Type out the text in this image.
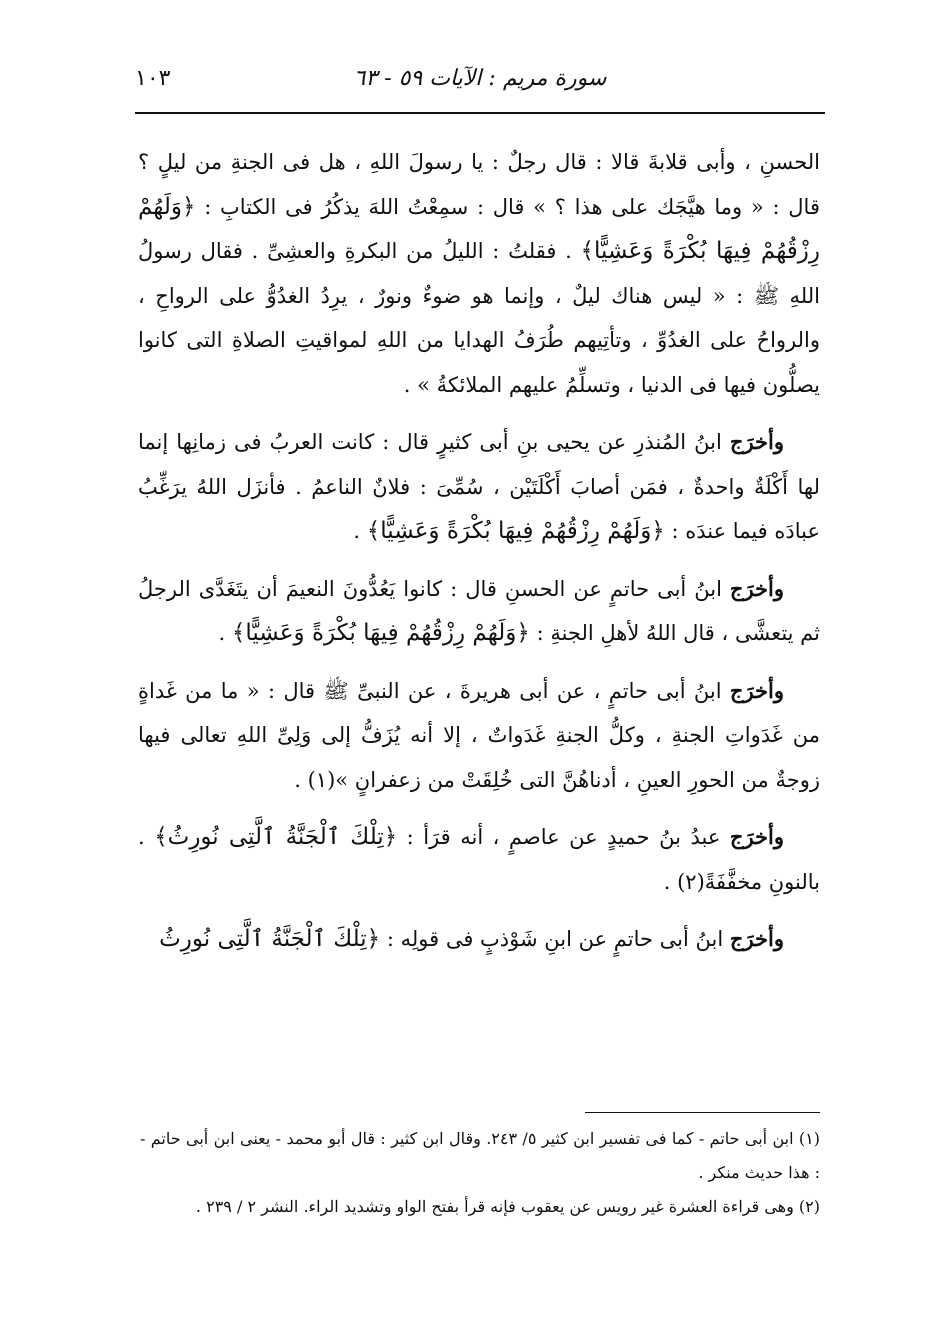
سورة مريم : الآيات ٥٩ - ٦٣
١٠٣

الحسنِ ، وأبى قلابةَ قالا : قال رجلٌ : يا رسولَ اللهِ ، هل فى الجنةِ من ليلٍ ؟ قال : « وما هيَّجَك على هذا ؟ » قال : سمِعْتُ اللهَ يذكُرُ فى الكتابِ : ﴿وَلَهُمْ رِزْقُهُمْ فِيهَا بُكْرَةً وَعَشِيًّا﴾ . فقلتُ : الليلُ من البكرةِ والعشِىِّ . فقال رسولُ اللهِ ﷺ : « ليس هناك ليلٌ ، وإنما هو ضوءٌ ونورٌ ، يرِدُ الغدُوُّ على الرواحِ ، والرواحُ على الغدُوِّ ، وتأتِيهم طُرَفُ الهدايا من اللهِ لمواقيتِ الصلاةِ التى كانوا يصلُّون فيها فى الدنيا ، وتسلِّمُ عليهم الملائكةُ » .

وأخرَج ابنُ المُنذرِ عن يحيى بنِ أبى كثيرٍ قال : كانت العربُ فى زمانِها إنما لها أَكْلَةٌ واحدةٌ ، فمَن أصابَ أَكْلَتَيْن ، سُمِّىَ : فلانٌ الناعمُ . فأنزَل اللهُ يرَغِّبُ عبادَه فيما عندَه : ﴿وَلَهُمْ رِزْقُهُمْ فِيهَا بُكْرَةً وَعَشِيًّا﴾ .

وأخرَج ابنُ أبى حاتمٍ عن الحسنِ قال : كانوا يَعُدُّونَ النعيمَ أن يتَغَدَّى الرجلُ ثم يتعشَّى ، قال اللهُ لأهلِ الجنةِ : ﴿وَلَهُمْ رِزْقُهُمْ فِيهَا بُكْرَةً وَعَشِيًّا﴾ .

وأخرَج ابنُ أبى حاتمٍ ، عن أبى هريرةَ ، عن النبىِّ ﷺ قال : « ما من غَداةٍ من غَدَواتِ الجنةِ ، وكلُّ الجنةِ غَدَواتٌ ، إلا أنه يُزَفُّ إلى وَلِىِّ اللهِ تعالى فيها زوجةٌ من الحورِ العينِ ، أدناهُنَّ التى خُلِقَتْ من زعفرانٍ »(١) .

وأخرَج عبدُ بنُ حميدٍ عن عاصمٍ ، أنه قرَأ : ﴿تِلْكَ ٱلْجَنَّةُ ٱلَّتِى نُورِثُ﴾ . بالنونِ مخفَّفَةً(٢) .

وأخرَج ابنُ أبى حاتمٍ عن ابنِ شَوْذبٍ فى قولِه : ﴿تِلْكَ ٱلْجَنَّةُ ٱلَّتِى نُورِثُ

(١) ابن أبى حاتم - كما فى تفسير ابن كثير ٥/ ٢٤٣. وقال ابن كثير : قال أبو محمد - يعنى ابن أبى حاتم - : هذا حديث منكر .

(٢) وهى قراءة العشرة غير رويس عن يعقوب فإنه قرأ بفتح الواو وتشديد الراء. النشر ٢ / ٢٣٩ .
